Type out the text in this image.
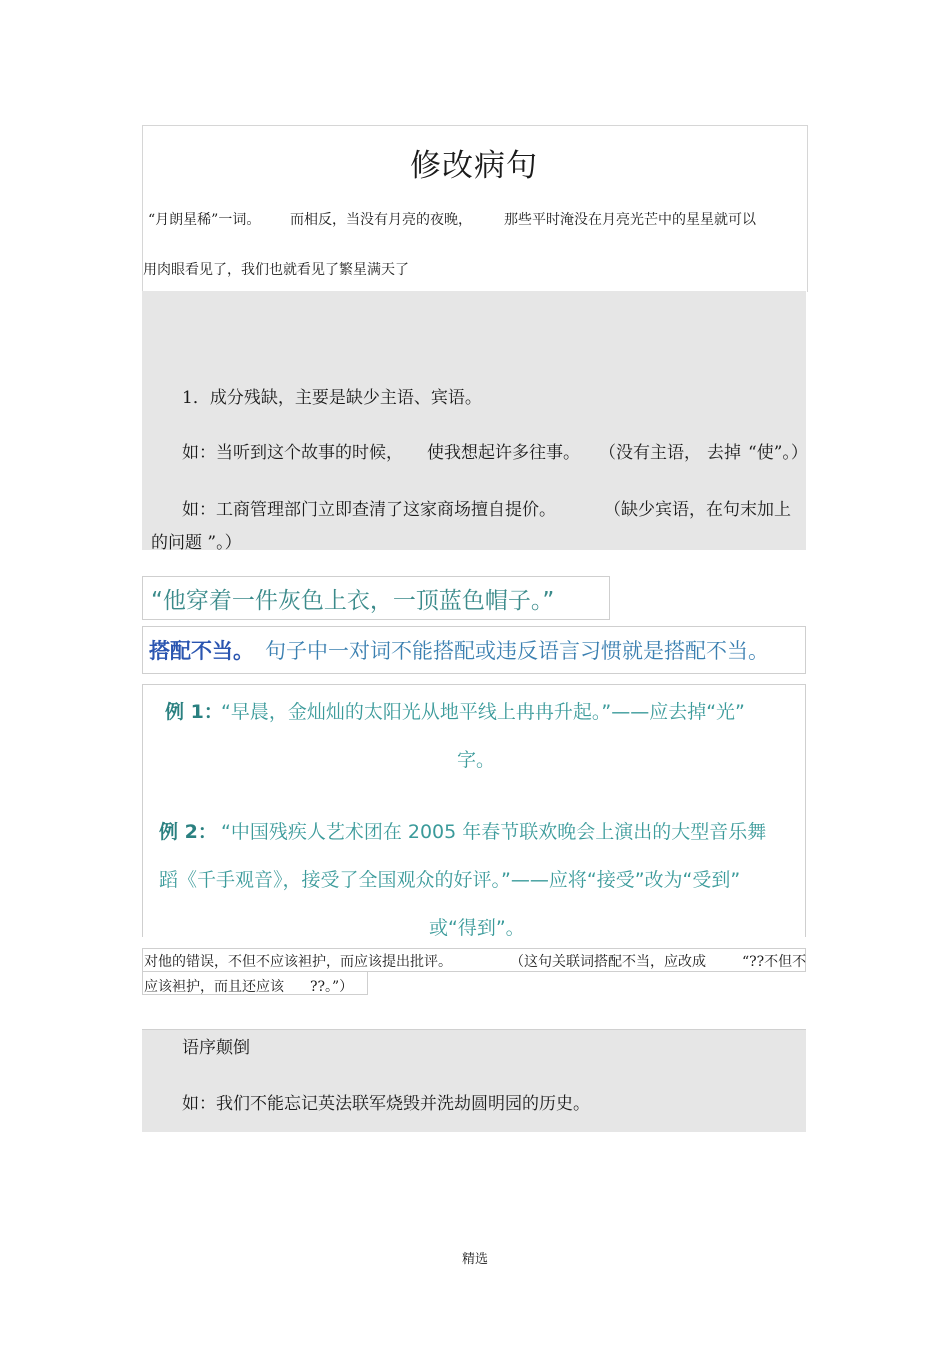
修改病句
“月朗星稀”一词。 而相反，当没有月亮的夜晚， 那些平时淹没在月亮光芒中的星星就可以
用肉眼看见了，我们也就看见了繁星满天了
1．成分残缺，主要是缺少主语、宾语。
如：当听到这个故事的时候， 使我想起许多往事。 （没有主语， 去掉 “使”。）
如：工商管理部门立即查清了这家商场擅自提价。	（缺少宾语，在句末加上
的问题 ”。）
“他穿着一件灰色上衣，一顶蓝色帽子。”
搭配不当。 句子中一对词不能搭配或违反语言习惯就是搭配不当。
例 1：
“早晨，金灿灿的太阳光从地平线上冉冉升起。”——应去掉“光”
字。
例 2： “中国残疾人艺术团在 2005 年春节联欢晚会上演出的大型音乐舞
蹈《千手观音》，接受了全国观众的好评。”——应将“接受”改为“受到”
或“得到”。
对他的错误，不但不应该袒护，而应该提出批评。	（这句关联词搭配不当，应改成	“??不但不
应该袒护，而且还应该 ??。”）
语序颠倒
如：我们不能忘记英法联军烧毁并洗劫圆明园的历史。
精选
